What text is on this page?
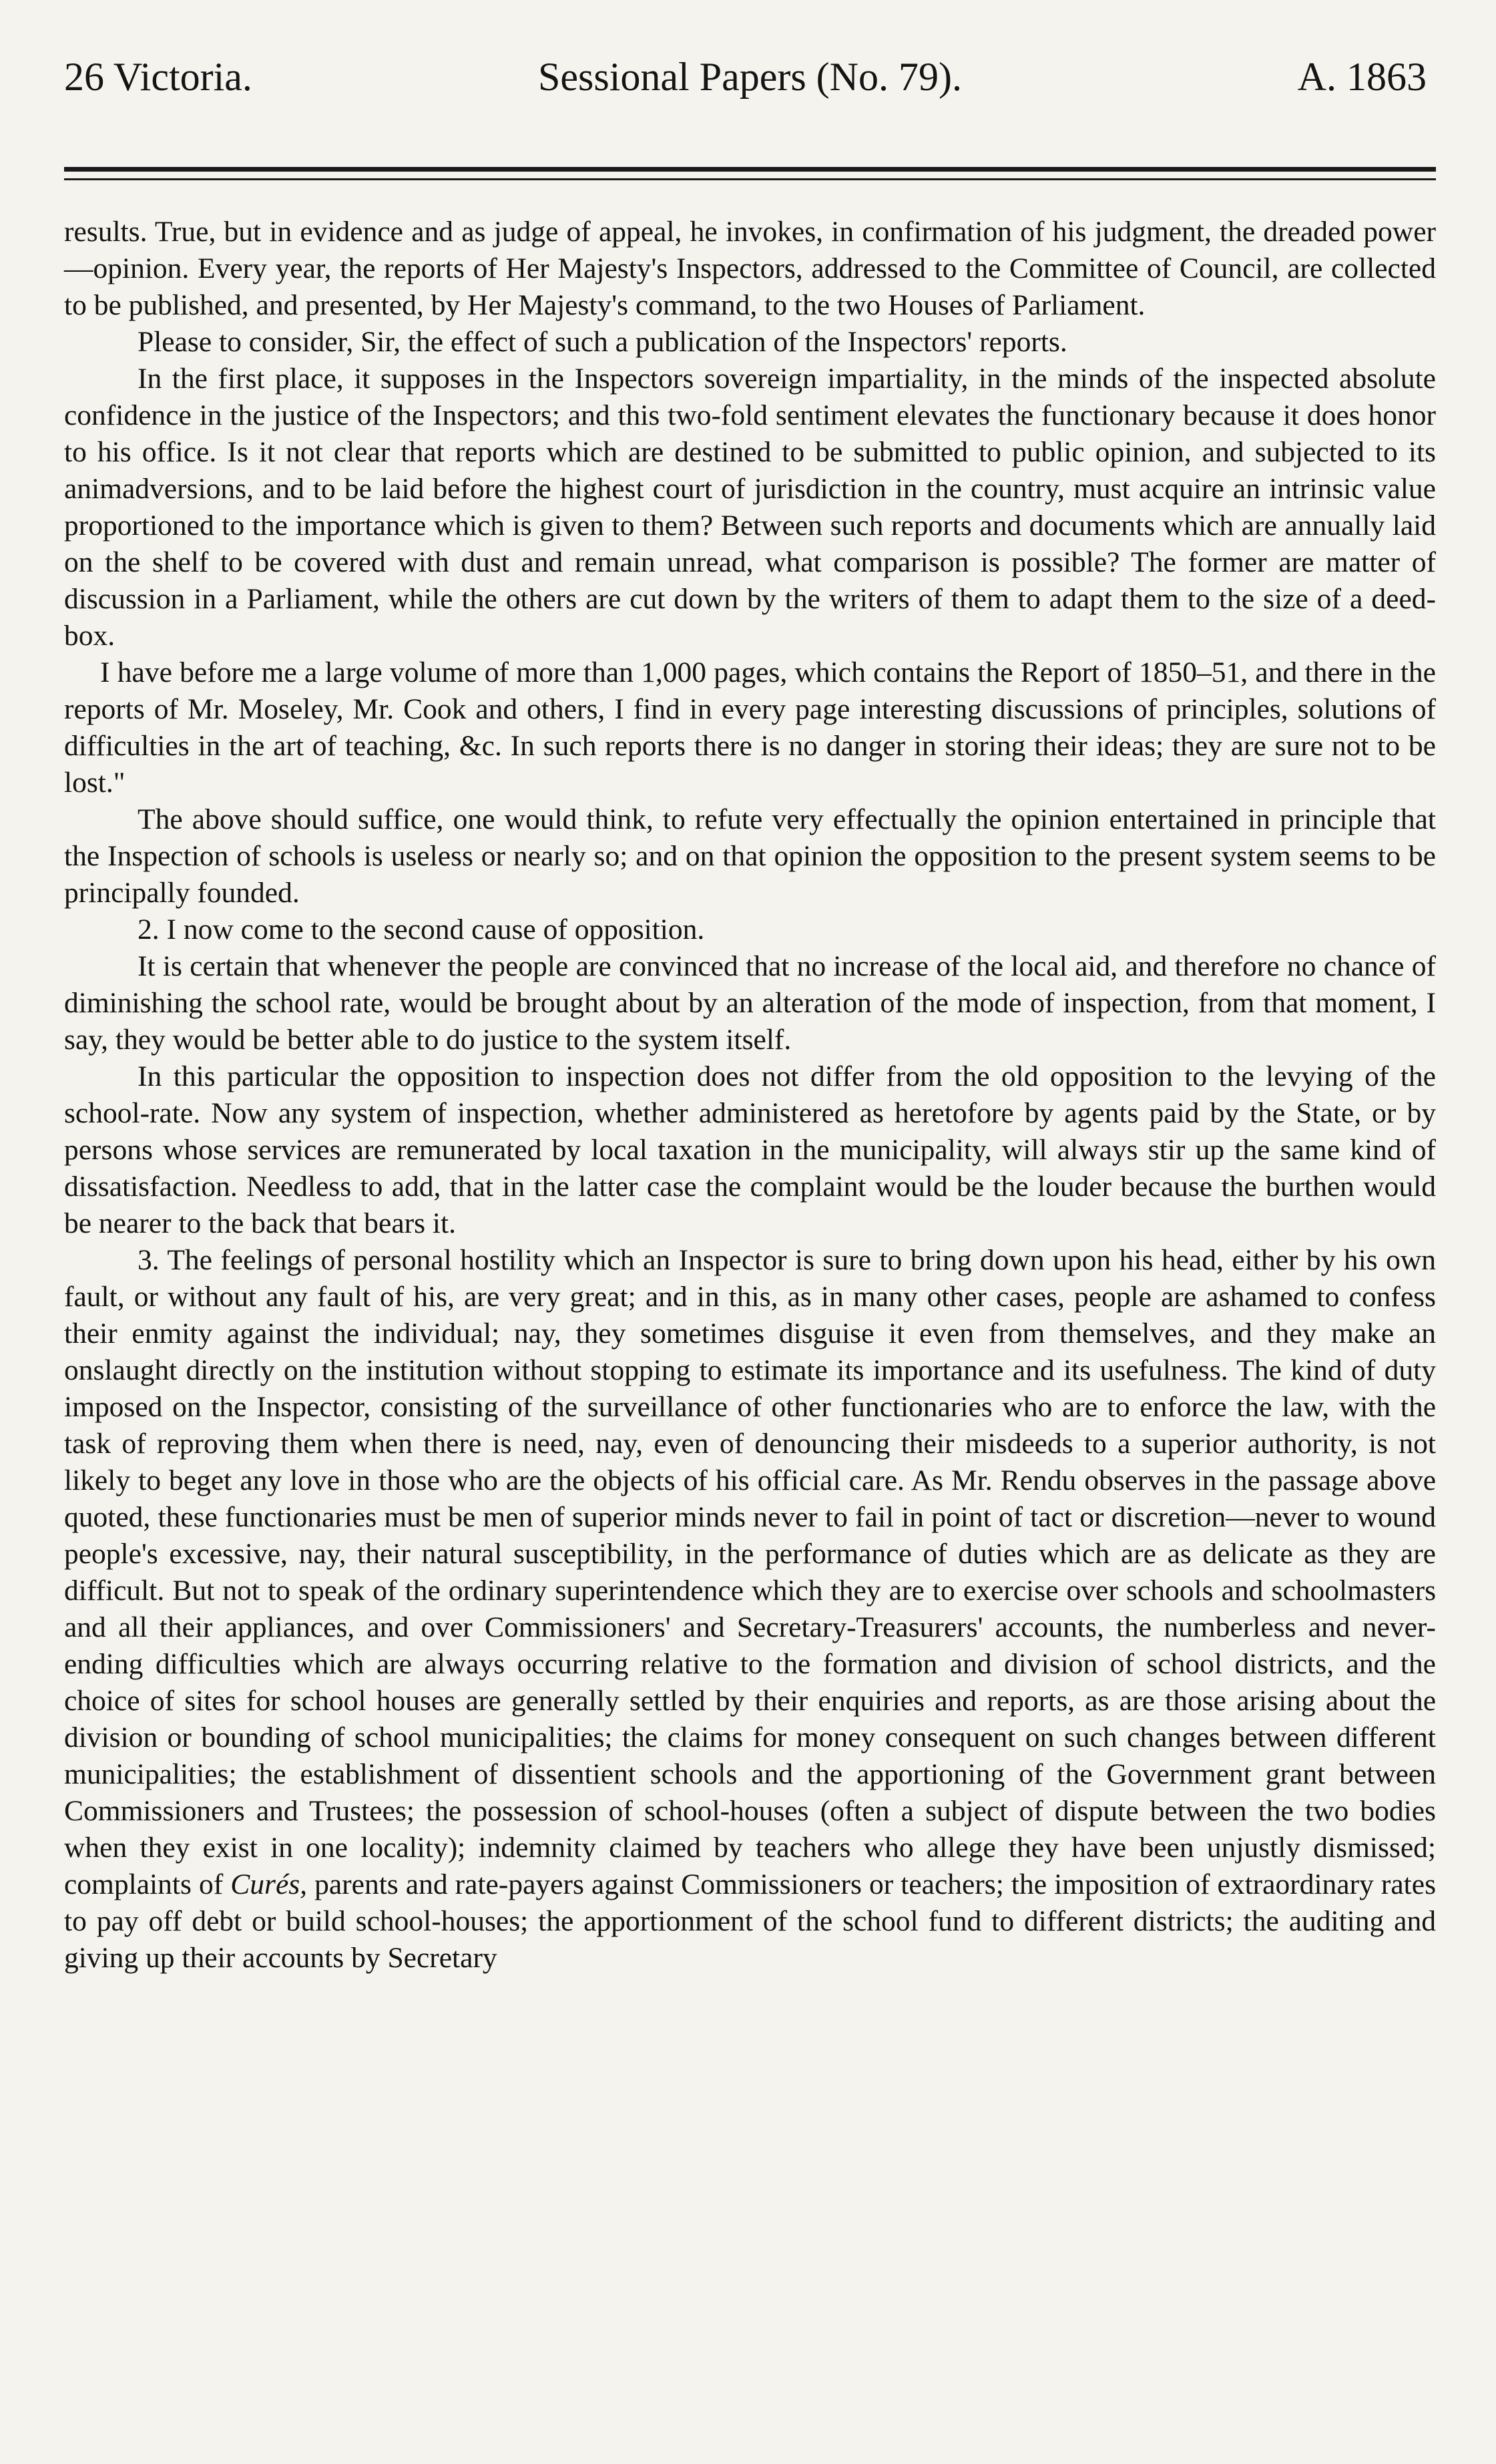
26 Victoria.	Sessional Papers (No. 79).	A. 1863

results. True, but in evidence and as judge of appeal, he invokes, in confirmation of his judgment, the dreaded power—opinion. Every year, the reports of Her Majesty's Inspectors, addressed to the Committee of Council, are collected to be published, and presented, by Her Majesty's command, to the two Houses of Parliament.

Please to consider, Sir, the effect of such a publication of the Inspectors' reports.

In the first place, it supposes in the Inspectors sovereign impartiality, in the minds of the inspected absolute confidence in the justice of the Inspectors; and this two-fold sentiment elevates the functionary because it does honor to his office. Is it not clear that reports which are destined to be submitted to public opinion, and subjected to its animadversions, and to be laid before the highest court of jurisdiction in the country, must acquire an intrinsic value proportioned to the importance which is given to them? Between such reports and documents which are annually laid on the shelf to be covered with dust and remain unread, what comparison is possible? The former are matter of discussion in a Parliament, while the others are cut down by the writers of them to adapt them to the size of a deed-box.

I have before me a large volume of more than 1,000 pages, which contains the Report of 1850–51, and there in the reports of Mr. Moseley, Mr. Cook and others, I find in every page interesting discussions of principles, solutions of difficulties in the art of teaching, &c. In such reports there is no danger in storing their ideas; they are sure not to be lost."

The above should suffice, one would think, to refute very effectually the opinion entertained in principle that the Inspection of schools is useless or nearly so; and on that opinion the opposition to the present system seems to be principally founded.

2. I now come to the second cause of opposition.

It is certain that whenever the people are convinced that no increase of the local aid, and therefore no chance of diminishing the school rate, would be brought about by an alteration of the mode of inspection, from that moment, I say, they would be better able to do justice to the system itself.

In this particular the opposition to inspection does not differ from the old opposition to the levying of the school-rate. Now any system of inspection, whether administered as heretofore by agents paid by the State, or by persons whose services are remunerated by local taxation in the municipality, will always stir up the same kind of dissatisfaction. Needless to add, that in the latter case the complaint would be the louder because the burthen would be nearer to the back that bears it.

3. The feelings of personal hostility which an Inspector is sure to bring down upon his head, either by his own fault, or without any fault of his, are very great; and in this, as in many other cases, people are ashamed to confess their enmity against the individual; nay, they sometimes disguise it even from themselves, and they make an onslaught directly on the institution without stopping to estimate its importance and its usefulness. The kind of duty imposed on the Inspector, consisting of the surveillance of other functionaries who are to enforce the law, with the task of reproving them when there is need, nay, even of denouncing their misdeeds to a superior authority, is not likely to beget any love in those who are the objects of his official care. As Mr. Rendu observes in the passage above quoted, these functionaries must be men of superior minds never to fail in point of tact or discretion—never to wound people's excessive, nay, their natural susceptibility, in the performance of duties which are as delicate as they are difficult. But not to speak of the ordinary superintendence which they are to exercise over schools and schoolmasters and all their appliances, and over Commissioners' and Secretary-Treasurers' accounts, the numberless and never-ending difficulties which are always occurring relative to the formation and division of school districts, and the choice of sites for school houses are generally settled by their enquiries and reports, as are those arising about the division or bounding of school municipalities; the claims for money consequent on such changes between different municipalities; the establishment of dissentient schools and the apportioning of the Government grant between Commissioners and Trustees; the possession of school-houses (often a subject of dispute between the two bodies when they exist in one locality); indemnity claimed by teachers who allege they have been unjustly dismissed; complaints of Curés, parents and rate-payers against Commissioners or teachers; the imposition of extraordinary rates to pay off debt or build school-houses; the apportionment of the school fund to different districts; the auditing and giving up their accounts by Secretary
